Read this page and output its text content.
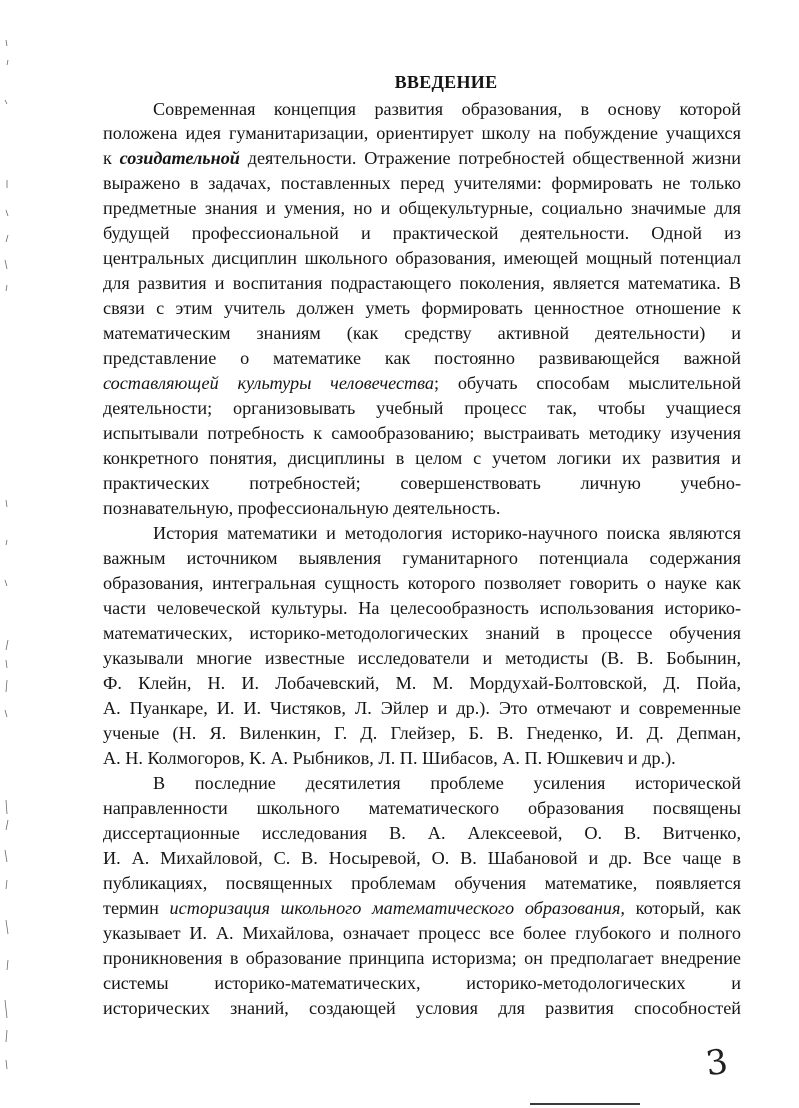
ВВЕДЕНИЕ
Современная концепция развития образования, в основу которой
положена идея гуманитаризации, ориентирует школу на побуждение учащихся
к созидательной деятельности. Отражение потребностей общественной жизни
выражено в задачах, поставленных перед учителями: формировать не только
предметные знания и умения, но и общекультурные, социально значимые для
будущей профессиональной и практической деятельности. Одной из
центральных дисциплин школьного образования, имеющей мощный потенциал
для развития и воспитания подрастающего поколения, является математика. В
связи с этим учитель должен уметь формировать ценностное отношение к
математическим знаниям (как средству активной деятельности) и
представление о математике как постоянно развивающейся важной
составляющей культуры человечества; обучать способам мыслительной
деятельности; организовывать учебный процесс так, чтобы учащиеся
испытывали потребность к самообразованию; выстраивать методику изучения
конкретного понятия, дисциплины в целом с учетом логики их развития и
практических потребностей; совершенствовать личную учебно-
познавательную, профессиональную деятельность.
История математики и методология историко-научного поиска являются
важным источником выявления гуманитарного потенциала содержания
образования, интегральная сущность которого позволяет говорить о науке как
части человеческой культуры. На целесообразность использования историко-
математических, историко-методологических знаний в процессе обучения
указывали многие известные исследователи и методисты (В. В. Бобынин,
Ф. Клейн, Н. И. Лобачевский, М. М. Мордухай-Болтовской, Д. Пойа,
А. Пуанкаре, И. И. Чистяков, Л. Эйлер и др.). Это отмечают и современные
ученые (Н. Я. Виленкин, Г. Д. Глейзер, Б. В. Гнеденко, И. Д. Депман,
А. Н. Колмогоров, К. А. Рыбников, Л. П. Шибасов, А. П. Юшкевич и др.).
В последние десятилетия проблеме усиления исторической
направленности школьного математического образования посвящены
диссертационные исследования В. А. Алексеевой, О. В. Витченко,
И. А. Михайловой, С. В. Носыревой, О. В. Шабановой и др. Все чаще в
публикациях, посвященных проблемам обучения математике, появляется
термин историзация школьного математического образования, который, как
указывает И. А. Михайлова, означает процесс все более глубокого и полного
проникновения в образование принципа историзма; он предполагает внедрение
системы историко-математических, историко-методологических и
исторических знаний, создающей условия для развития способностей
3
